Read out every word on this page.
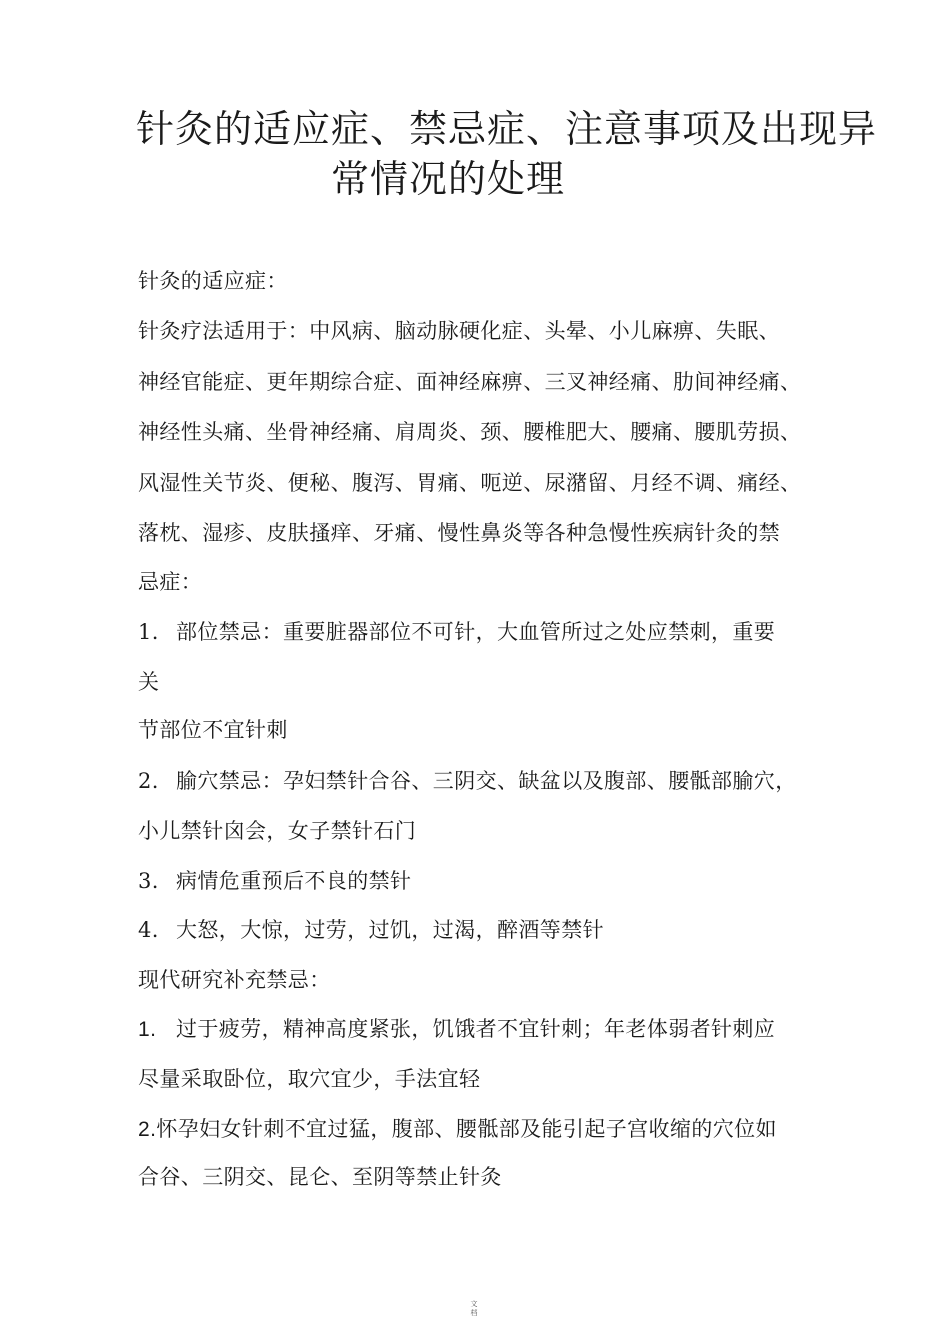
针灸的适应症、禁忌症、注意事项及出现异
常情况的处理
针灸的适应症：
针灸疗法适用于：中风病、脑动脉硬化症、头晕、小儿麻痹、失眠、
神经官能症、更年期综合症、面神经麻痹、三叉神经痛、肋间神经痛、
神经性头痛、坐骨神经痛、肩周炎、颈、腰椎肥大、腰痛、腰肌劳损、
风湿性关节炎、便秘、腹泻、胃痛、呃逆、尿潴留、月经不调、痛经、
落枕、湿疹、皮肤搔痒、牙痛、慢性鼻炎等各种急慢性疾病针灸的禁
忌症：
1. 部位禁忌：重要脏器部位不可针，大血管所过之处应禁刺，重要
关
节部位不宜针刺
2. 腧穴禁忌：孕妇禁针合谷、三阴交、缺盆以及腹部、腰骶部腧穴，
小儿禁针囟会，女子禁针石门
3. 病情危重预后不良的禁针
4. 大怒，大惊，过劳，过饥，过渴，醉酒等禁针
现代研究补充禁忌：
1. 过于疲劳，精神高度紧张，饥饿者不宜针刺；年老体弱者针刺应
尽量采取卧位，取穴宜少，手法宜轻
2.怀孕妇女针刺不宜过猛，腹部、腰骶部及能引起子宫收缩的穴位如
合谷、三阴交、昆仑、至阴等禁止针灸
文
档
